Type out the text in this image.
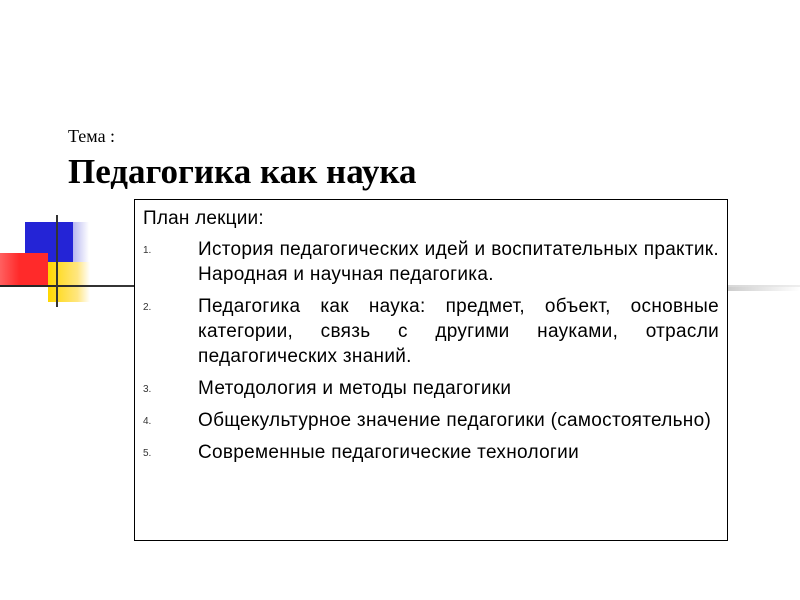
Тема :
Педагогика как наука
План лекции:
1.	История педагогических идей и воспитательных практик. Народная и научная педагогика.
2.	Педагогика как наука: предмет, объект, основные категории, связь с другими науками, отрасли педагогических знаний.
3.	Методология и методы педагогики
4.	Общекультурное значение педагогики (самостоятельно)
5.	Современные педагогические технологии
